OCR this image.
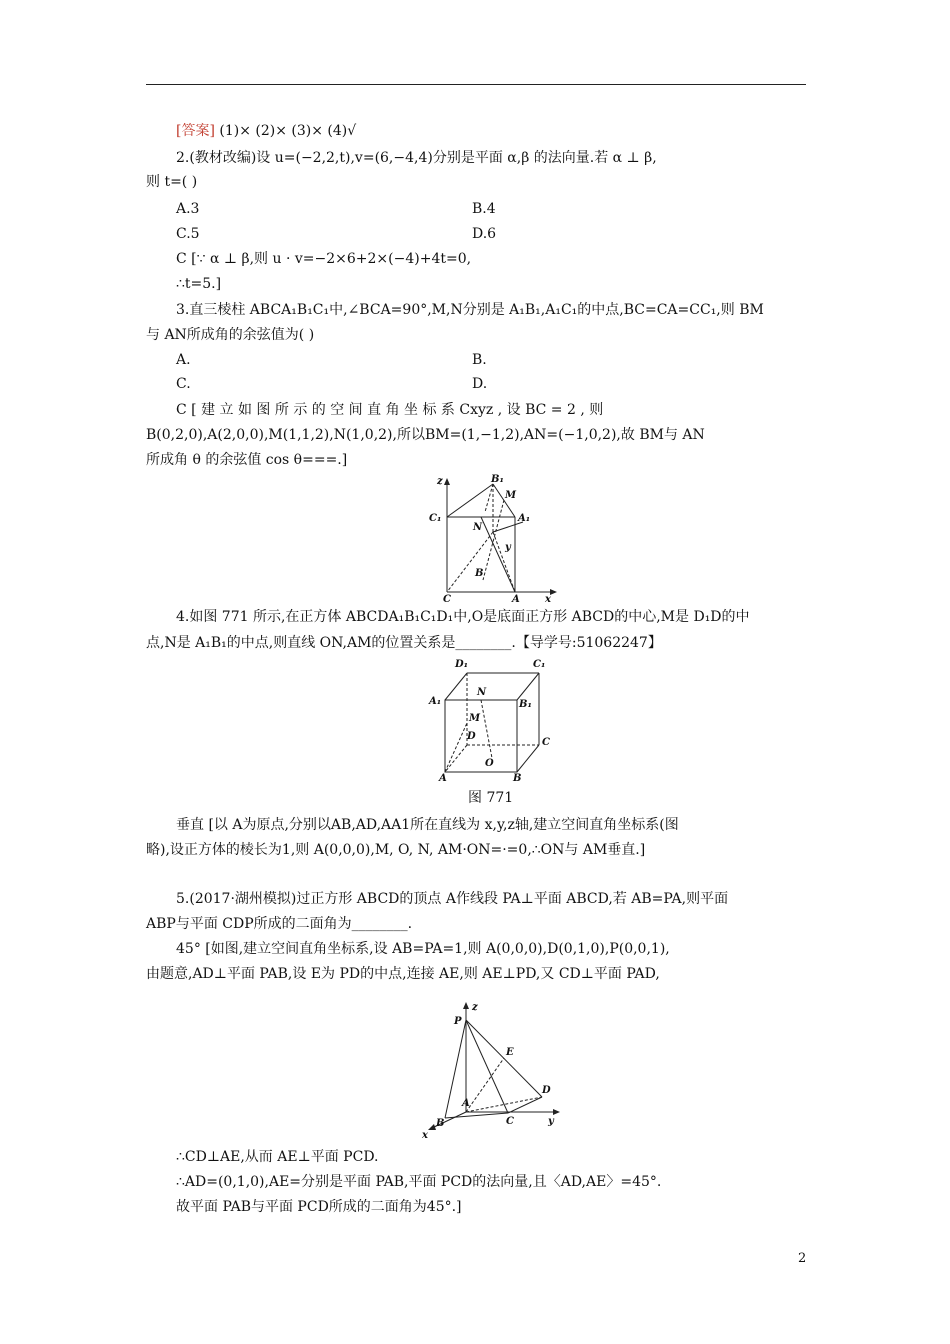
[答案] (1)× (2)× (3)× (4)√
2.(教材改编)设 u=(−2,2,t),v=(6,−4,4)分别是平面 α,β 的法向量.若 α ⊥ β,
则 t=( )
A.3	B.4
C.5	D.6
C [∵ α ⊥ β,则 u · v=−2×6+2×(−4)+4t=0,
∴t=5.]
3.直三棱柱 ABCA₁B₁C₁中,∠BCA=90°,M,N分别是 A₁B₁,A₁C₁的中点,BC=CA=CC₁,则 BM
与 AN所成角的余弦值为( )
A.	B.
C.	D.
C [ 建 立 如 图 所 示 的 空 间 直 角 坐 标 系 Cxyz , 设 BC = 2 , 则
B(0,2,0),A(2,0,0),M(1,1,2),N(1,0,2),所以BM=(1,−1,2),AN=(−1,0,2),故 BM与 AN
所成角 θ 的余弦值 cos θ===.]
z	B₁
M
C₁
N
A₁
y
B
C	A	x
4.如图 771 所示,在正方体 ABCDA₁B₁C₁D₁中,O是底面正方形 ABCD的中心,M是 D₁D的中
点,N是 A₁B₁的中点,则直线 ON,AM的位置关系是________.【导学号:51062247】
D₁	C₁
N
A₁	B₁
M
D
C
O
A	B
图 771
垂直 [以 A为原点,分别以AB,AD,AA1所在直线为 x,y,z轴,建立空间直角坐标系(图
略),设正方体的棱长为1,则 A(0,0,0),M, O, N, AM·ON=·=0,∴ON与 AM垂直.]
5.(2017·湖州模拟)过正方形 ABCD的顶点 A作线段 PA⊥平面 ABCD,若 AB=PA,则平面
ABP与平面 CDP所成的二面角为________.
45° [如图,建立空间直角坐标系,设 AB=PA=1,则 A(0,0,0),D(0,1,0),P(0,0,1),
由题意,AD⊥平面 PAB,设 E为 PD的中点,连接 AE,则 AE⊥PD,又 CD⊥平面 PAD,
z
P
E
D
y
A
B	C
x
∴CD⊥AE,从而 AE⊥平面 PCD.
∴AD=(0,1,0),AE=分别是平面 PAB,平面 PCD的法向量,且〈AD,AE〉=45°.
故平面 PAB与平面 PCD所成的二面角为45°.]
2
